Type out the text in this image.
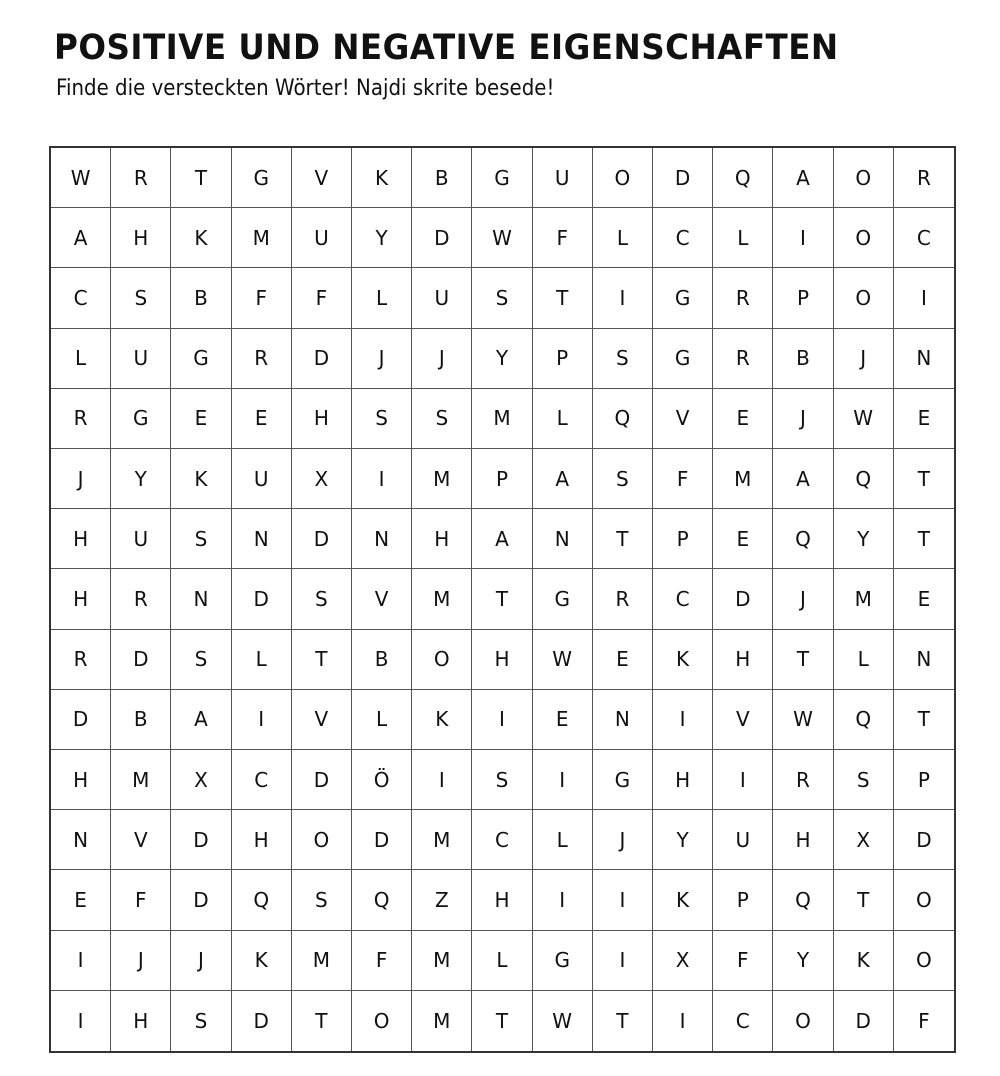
POSITIVE UND NEGATIVE EIGENSCHAFTEN
Finde die versteckten Wörter! Najdi skrite besede!
W	R	T	G	V	K	B	G	U	O	D	Q	A	O	R
A	H	K	M	U	Y	D	W	F	L	C	L	I	O	C
C	S	B	F	F	L	U	S	T	I	G	R	P	O	I
L	U	G	R	D	J	J	Y	P	S	G	R	B	J	N
R	G	E	E	H	S	S	M	L	Q	V	E	J	W	E
J	Y	K	U	X	I	M	P	A	S	F	M	A	Q	T
H	U	S	N	D	N	H	A	N	T	P	E	Q	Y	T
H	R	N	D	S	V	M	T	G	R	C	D	J	M	E
R	D	S	L	T	B	O	H	W	E	K	H	T	L	N
D	B	A	I	V	L	K	I	E	N	I	V	W	Q	T
H	M	X	C	D	Ö	I	S	I	G	H	I	R	S	P
N	V	D	H	O	D	M	C	L	J	Y	U	H	X	D
E	F	D	Q	S	Q	Z	H	I	I	K	P	Q	T	O
I	J	J	K	M	F	M	L	G	I	X	F	Y	K	O
I	H	S	D	T	O	M	T	W	T	I	C	O	D	F
